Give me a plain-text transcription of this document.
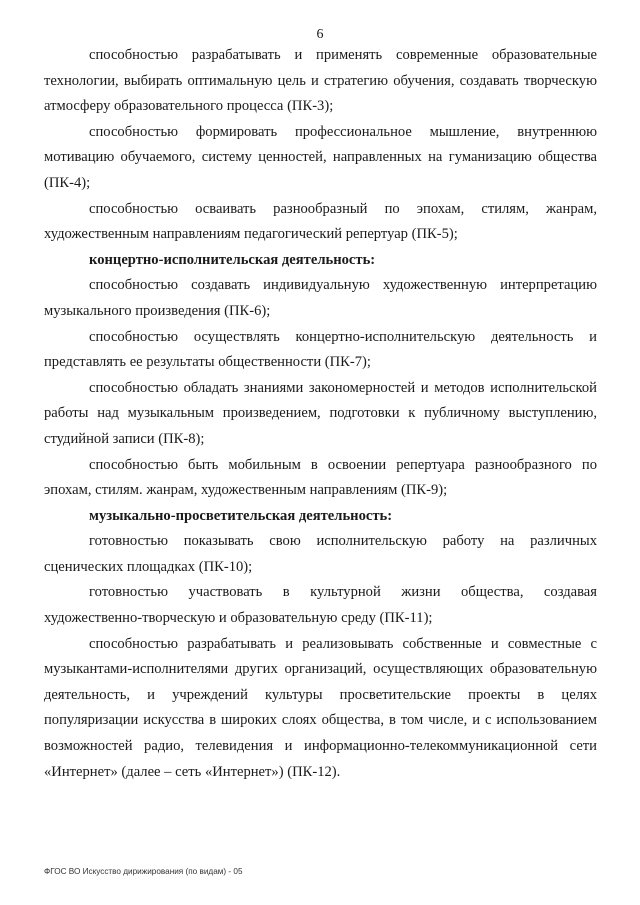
6

способностью разрабатывать и применять современные образовательные технологии, выбирать оптимальную цель и стратегию обучения, создавать творческую атмосферу образовательного процесса (ПК-3);

способностью формировать профессиональное мышление, внутреннюю мотивацию обучаемого, систему ценностей, направленных на гуманизацию общества (ПК-4);

способностью осваивать разнообразный по эпохам, стилям, жанрам, художественным направлениям педагогический репертуар (ПК-5);

концертно-исполнительская деятельность:

способностью создавать индивидуальную художественную интерпретацию музыкального произведения (ПК-6);

способностью осуществлять концертно-исполнительскую деятельность и представлять ее результаты общественности (ПК-7);

способностью обладать знаниями закономерностей и методов исполнительской работы над музыкальным произведением, подготовки к публичному выступлению, студийной записи (ПК-8);

способностью быть мобильным в освоении репертуара разнообразного по эпохам, стилям. жанрам, художественным направлениям (ПК-9);

музыкально-просветительская деятельность:

готовностью показывать свою исполнительскую работу на различных сценических площадках (ПК-10);

готовностью участвовать в культурной жизни общества, создавая художественно-творческую и образовательную среду (ПК-11);

способностью разрабатывать и реализовывать собственные и совместные с музыкантами-исполнителями других организаций, осуществляющих образовательную деятельность, и учреждений культуры просветительские проекты в целях популяризации искусства в широких слоях общества, в том числе, и с использованием возможностей радио, телевидения и информационно-телекоммуникационной сети «Интернет» (далее – сеть «Интернет») (ПК-12).

ФГОС ВО Искусство дирижирования (по видам) - 05
